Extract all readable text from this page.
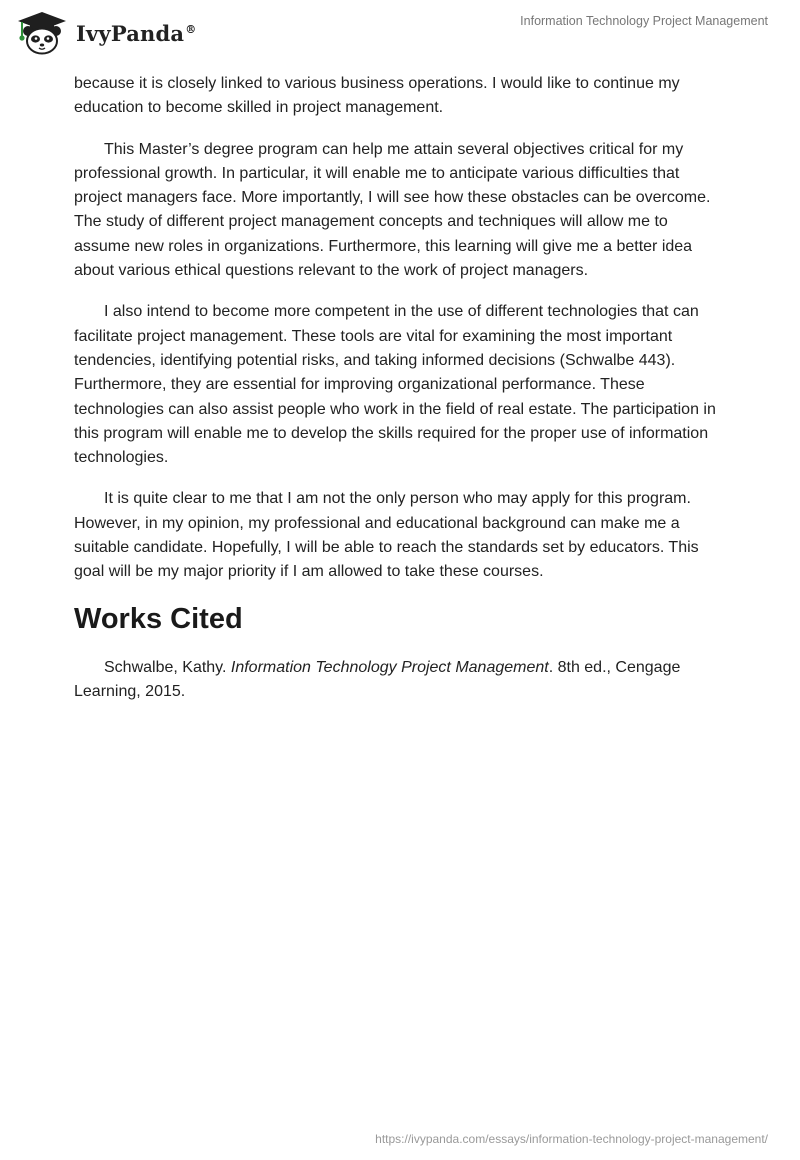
IvyPanda®
Information Technology Project Management

because it is closely linked to various business operations. I would like to continue my education to become skilled in project management.

This Master’s degree program can help me attain several objectives critical for my professional growth. In particular, it will enable me to anticipate various difficulties that project managers face. More importantly, I will see how these obstacles can be overcome. The study of different project management concepts and techniques will allow me to assume new roles in organizations. Furthermore, this learning will give me a better idea about various ethical questions relevant to the work of project managers.

I also intend to become more competent in the use of different technologies that can facilitate project management. These tools are vital for examining the most important tendencies, identifying potential risks, and taking informed decisions (Schwalbe 443). Furthermore, they are essential for improving organizational performance. These technologies can also assist people who work in the field of real estate. The participation in this program will enable me to develop the skills required for the proper use of information technologies.

It is quite clear to me that I am not the only person who may apply for this program. However, in my opinion, my professional and educational background can make me a suitable candidate. Hopefully, I will be able to reach the standards set by educators. This goal will be my major priority if I am allowed to take these courses.

Works Cited

Schwalbe, Kathy. Information Technology Project Management. 8th ed., Cengage Learning, 2015.

https://ivypanda.com/essays/information-technology-project-management/
